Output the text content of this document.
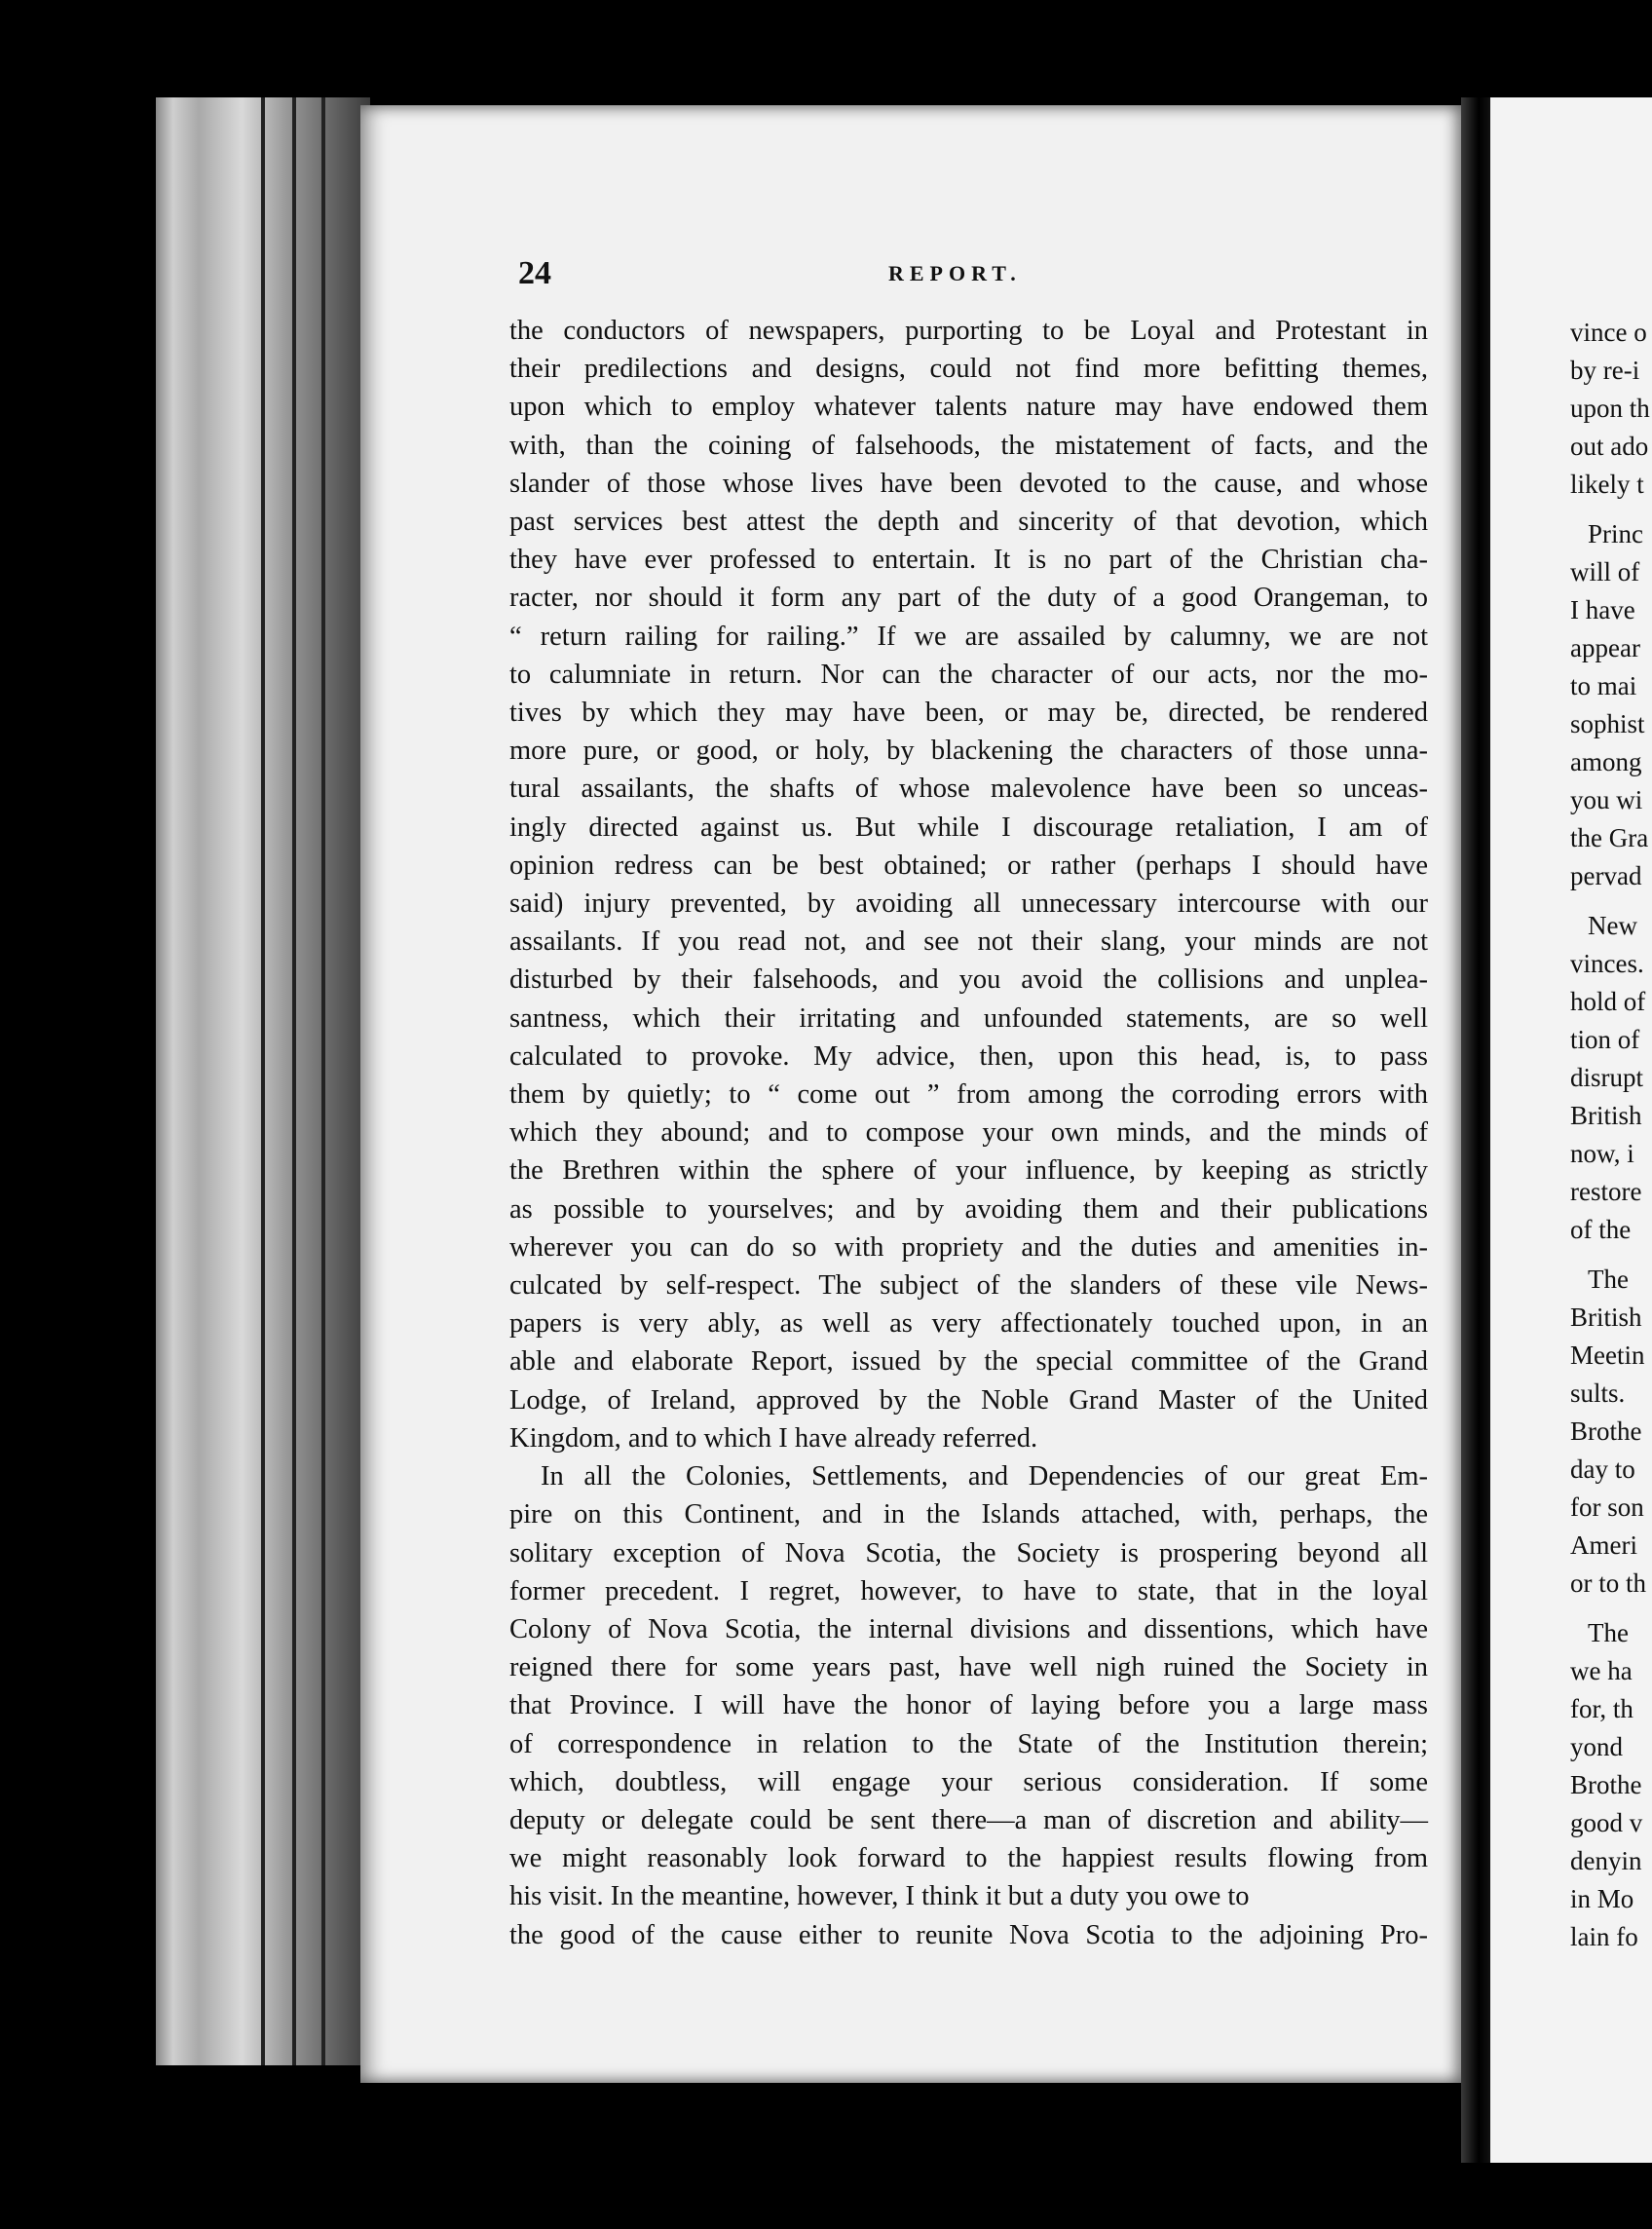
24	REPORT.
the conductors of newspapers, purporting to be Loyal and Protestant in
their predilections and designs, could not find more befitting themes,
upon which to employ whatever talents nature may have endowed them
with, than the coining of falsehoods, the mistatement of facts, and the
slander of those whose lives have been devoted to the cause, and whose
past services best attest the depth and sincerity of that devotion, which
they have ever professed to entertain. It is no part of the Christian cha-
racter, nor should it form any part of the duty of a good Orangeman, to
“ return railing for railing.” If we are assailed by calumny, we are not
to calumniate in return. Nor can the character of our acts, nor the mo-
tives by which they may have been, or may be, directed, be rendered
more pure, or good, or holy, by blackening the characters of those unna-
tural assailants, the shafts of whose malevolence have been so unceas-
ingly directed against us. But while I discourage retaliation, I am of
opinion redress can be best obtained; or rather (perhaps I should have
said) injury prevented, by avoiding all unnecessary intercourse with our
assailants. If you read not, and see not their slang, your minds are not
disturbed by their falsehoods, and you avoid the collisions and unplea-
santness, which their irritating and unfounded statements, are so well
calculated to provoke. My advice, then, upon this head, is, to pass
them by quietly; to “ come out ” from among the corroding errors with
which they abound; and to compose your own minds, and the minds of
the Brethren within the sphere of your influence, by keeping as strictly
as possible to yourselves; and by avoiding them and their publications
wherever you can do so with propriety and the duties and amenities in-
culcated by self-respect. The subject of the slanders of these vile News-
papers is very ably, as well as very affectionately touched upon, in an
able and elaborate Report, issued by the special committee of the Grand
Lodge, of Ireland, approved by the Noble Grand Master of the United
Kingdom, and to which I have already referred.
In all the Colonies, Settlements, and Dependencies of our great Em-
pire on this Continent, and in the Islands attached, with, perhaps, the
solitary exception of Nova Scotia, the Society is prospering beyond all
former precedent. I regret, however, to have to state, that in the loyal
Colony of Nova Scotia, the internal divisions and dissentions, which have
reigned there for some years past, have well nigh ruined the Society in
that Province. I will have the honor of laying before you a large mass
of correspondence in relation to the State of the Institution therein;
which, doubtless, will engage your serious consideration. If some
deputy or delegate could be sent there—a man of discretion and ability—
we might reasonably look forward to the happiest results flowing from
his visit. In the meantine, however, I think it but a duty you owe to
the good of the cause either to reunite Nova Scotia to the adjoining Pro-
vince o
by re-i
upon th
out ado
likely t
Princ
will of
I have
appear
to mai
sophist
among
you wi
the Gra
pervad
New
vinces.
hold of
tion of
disrupt
British
now, i
restore
of the
The
British
Meetin
sults.
Brothe
day to
for son
Ameri
or to th
The
we ha
for, th
yond
Brothe
good v
denyin
in Mo
lain fo
